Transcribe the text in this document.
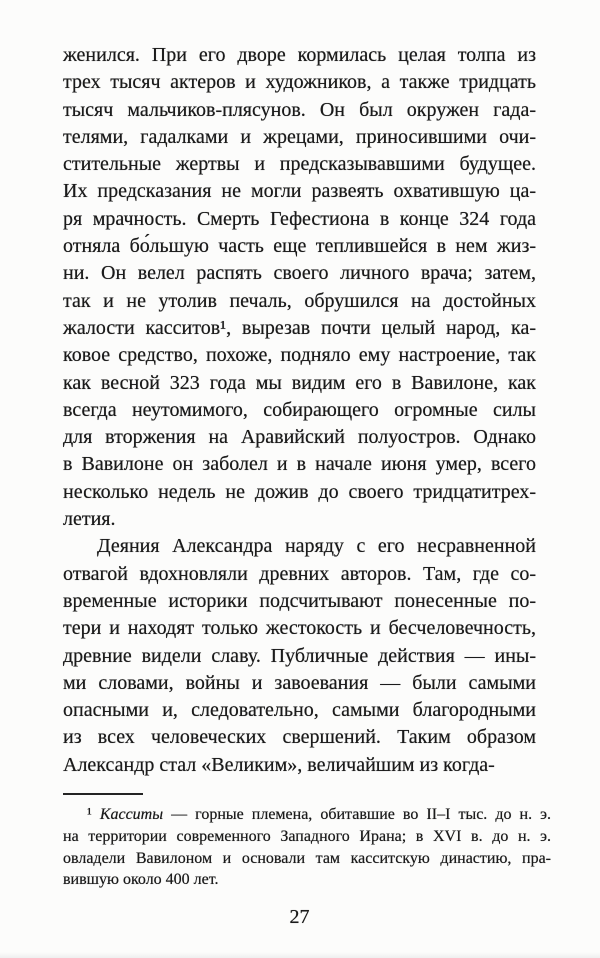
женился. При его дворе кормилась целая толпа из
трех тысяч актеров и художников, а также тридцать
тысяч мальчиков-плясунов. Он был окружен гада-
телями, гадалками и жрецами, приносившими очи-
стительные жертвы и предсказывавшими будущее.
Их предсказания не могли развеять охватившую ца-
ря мрачность. Смерть Гефестиона в конце 324 года
отняла бо́льшую часть еще теплившейся в нем жиз-
ни. Он велел распять своего личного врача; затем,
так и не утолив печаль, обрушился на достойных
жалости касситов¹, вырезав почти целый народ, ка-
ковое средство, похоже, подняло ему настроение, так
как весной 323 года мы видим его в Вавилоне, как
всегда неутомимого, собирающего огромные силы
для вторжения на Аравийский полуостров. Однако
в Вавилоне он заболел и в начале июня умер, всего
несколько недель не дожив до своего тридцатитрех-
летия.
Деяния Александра наряду с его несравненной
отвагой вдохновляли древних авторов. Там, где со-
временные историки подсчитывают понесенные по-
тери и находят только жестокость и бесчеловечность,
древние видели славу. Публичные действия — ины-
ми словами, войны и завоевания — были самыми
опасными и, следовательно, самыми благородными
из всех человеческих свершений. Таким образом
Александр стал «Великим», величайшим из когда-
¹ Касситы — горные племена, обитавшие во II–I тыс. до н. э.
на территории современного Западного Ирана; в XVI в. до н. э.
овладели Вавилоном и основали там касситскую династию, пра-
вившую около 400 лет.
27
